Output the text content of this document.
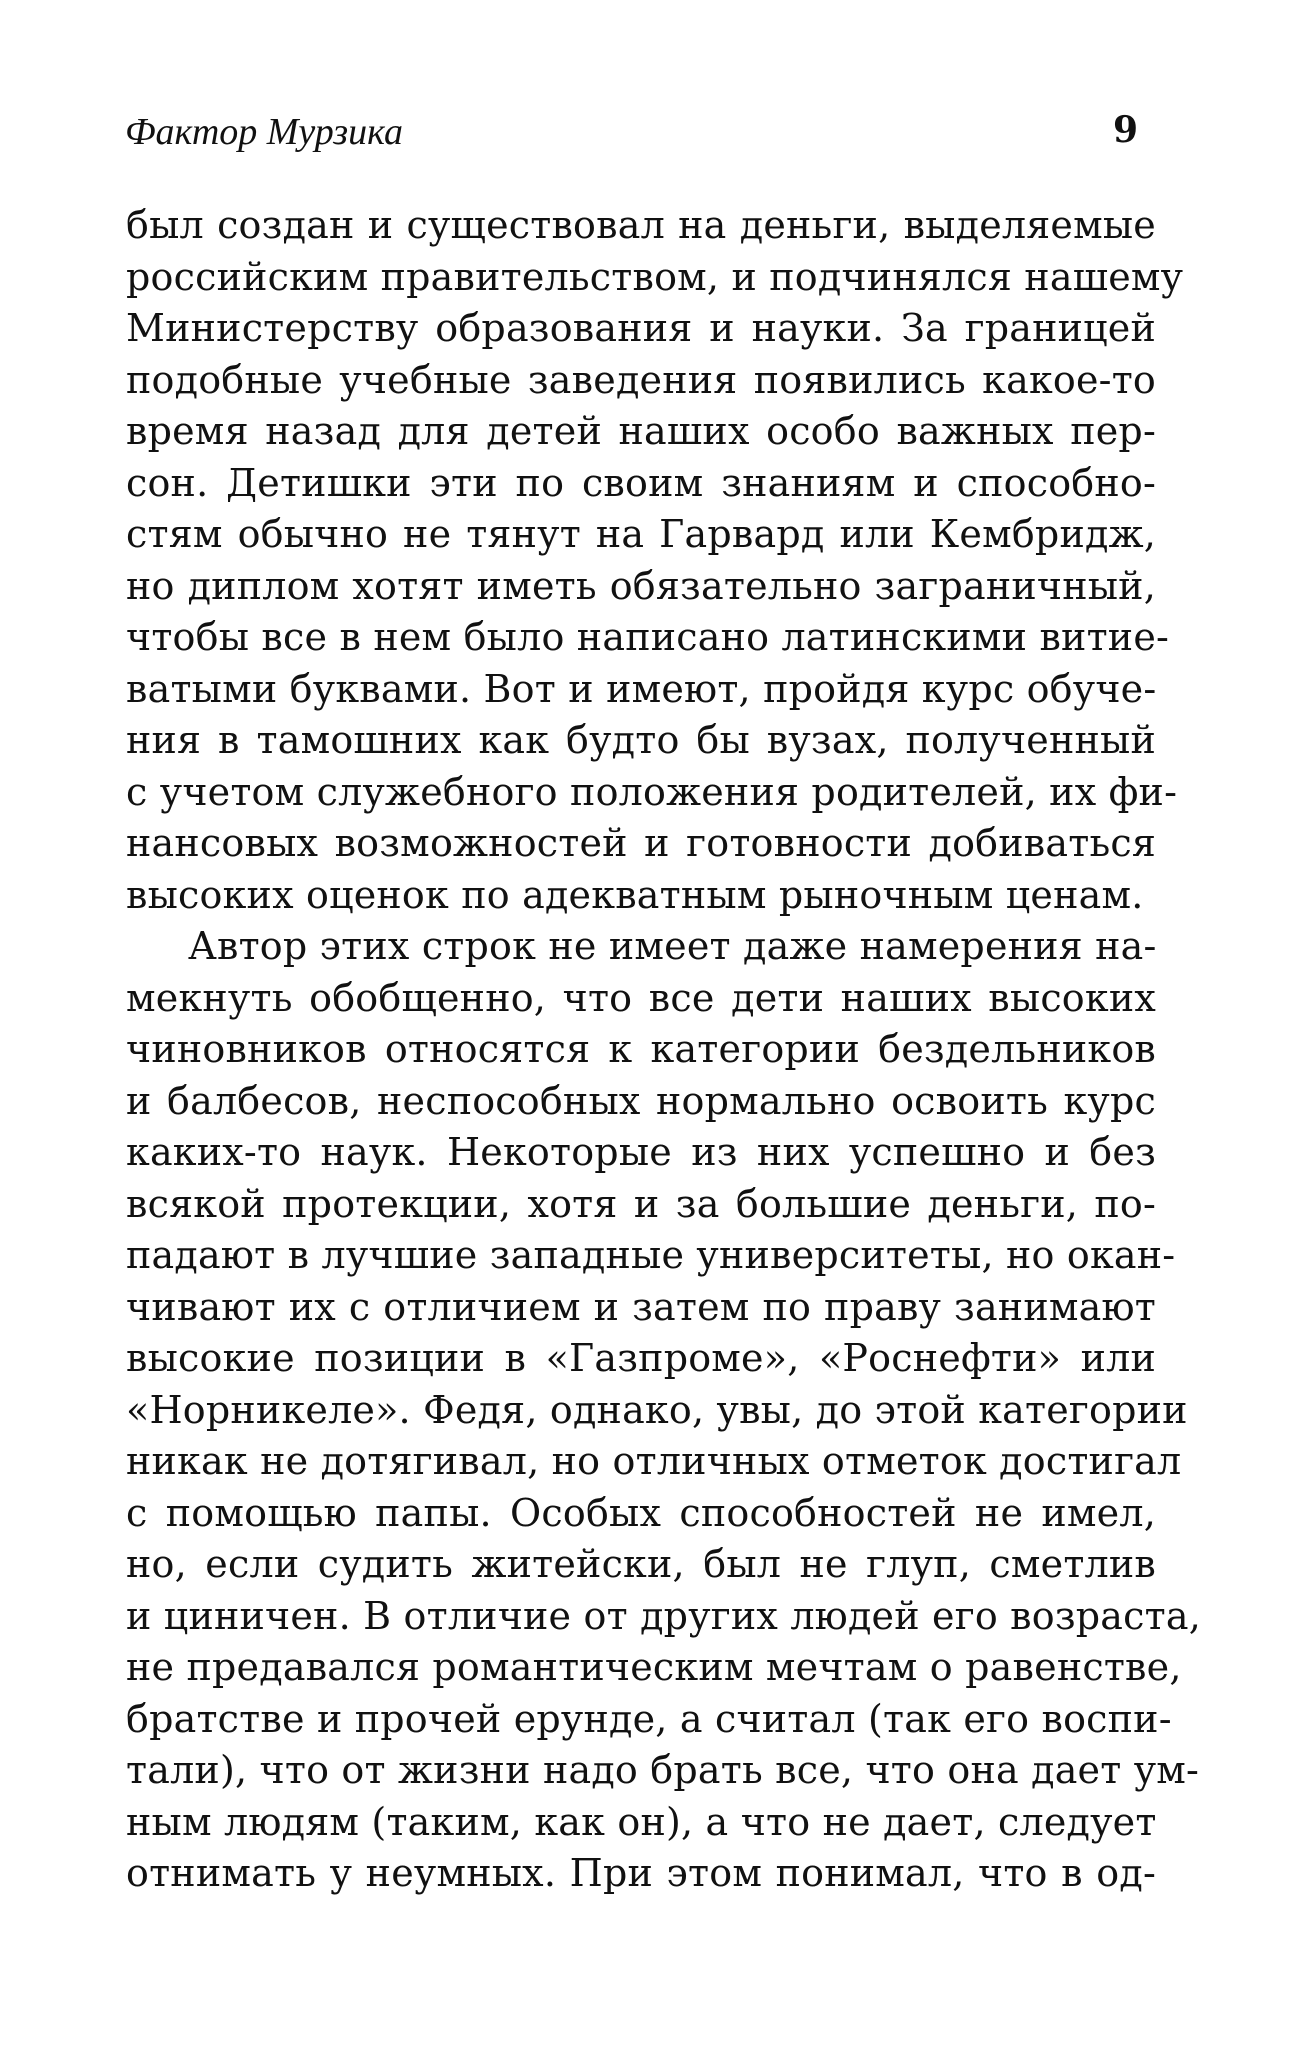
Фактор Мурзика	9
был создан и существовал на деньги, выделяемые
российским правительством, и подчинялся нашему
Министерству образования и науки. За границей
подобные учебные заведения появились какое-то
время назад для детей наших особо важных пер-
сон. Детишки эти по своим знаниям и способно-
стям обычно не тянут на Гарвард или Кембридж,
но диплом хотят иметь обязательно заграничный,
чтобы все в нем было написано латинскими витие-
ватыми буквами. Вот и имеют, пройдя курс обуче-
ния в тамошних как будто бы вузах, полученный
с учетом служебного положения родителей, их фи-
нансовых возможностей и готовности добиваться
высоких оценок по адекватным рыночным ценам.
Автор этих строк не имеет даже намерения на-
мекнуть обобщенно, что все дети наших высоких
чиновников относятся к категории бездельников
и балбесов, неспособных нормально освоить курс
каких-то наук. Некоторые из них успешно и без
всякой протекции, хотя и за большие деньги, по-
падают в лучшие западные университеты, но окан-
чивают их с отличием и затем по праву занимают
высокие позиции в «Газпроме», «Роснефти» или
«Норникеле». Федя, однако, увы, до этой категории
никак не дотягивал, но отличных отметок достигал
с помощью папы. Особых способностей не имел,
но, если судить житейски, был не глуп, сметлив
и циничен. В отличие от других людей его возраста,
не предавался романтическим мечтам о равенстве,
братстве и прочей ерунде, а считал (так его воспи-
тали), что от жизни надо брать все, что она дает ум-
ным людям (таким, как он), а что не дает, следует
отнимать у неумных. При этом понимал, что в од-
